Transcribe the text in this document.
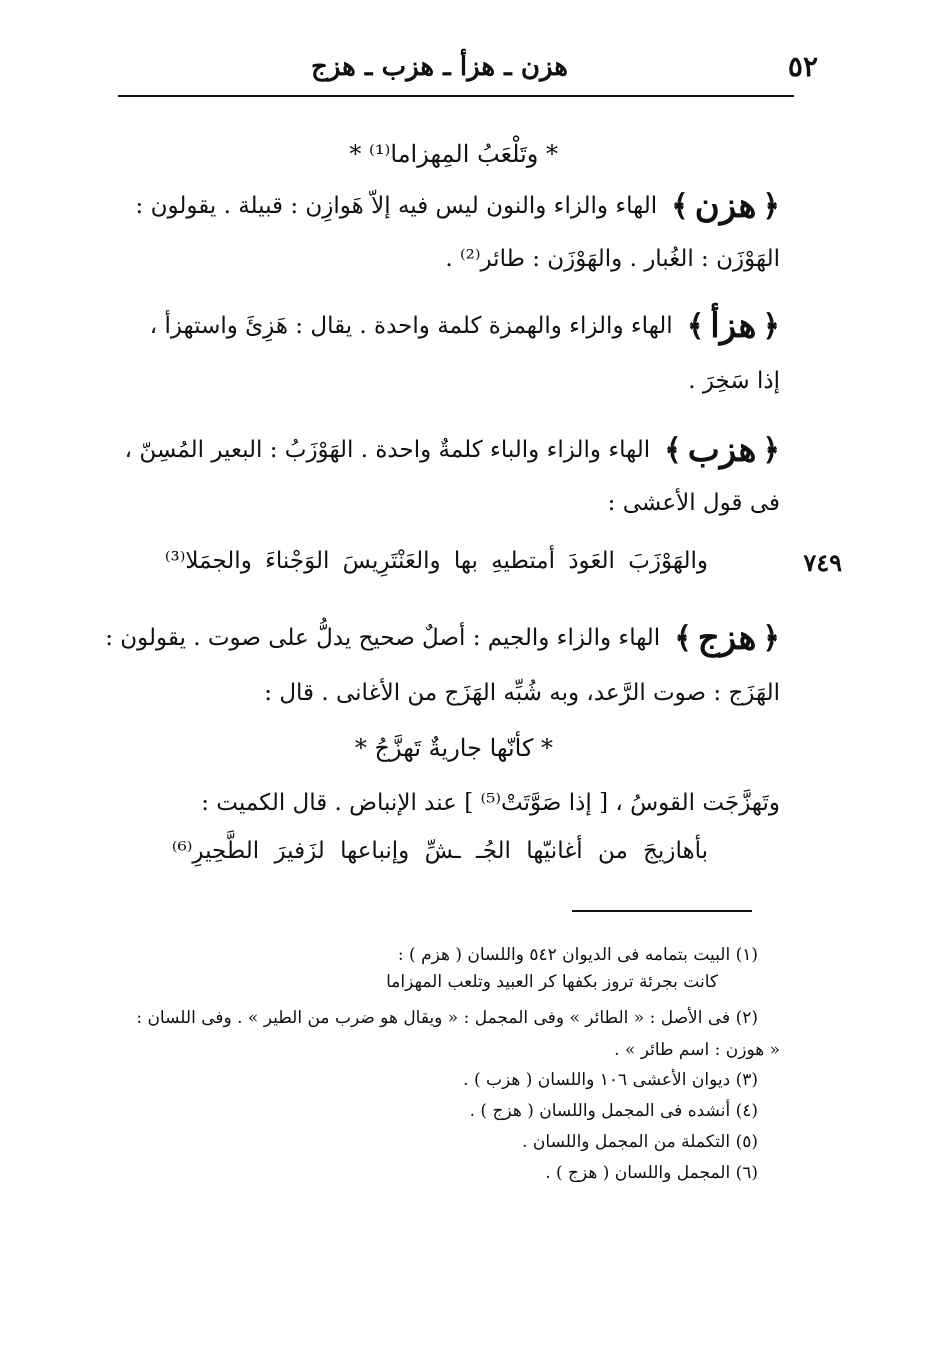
هزن ـ هزأ ـ هزب ـ هزج	٥٢
* وتَلْعَبُ المِهزاما⁽¹⁾ *
﴿
هزن
﴾
الهاء والزاء والنون ليس فيه إلاّ هَوازِن : قبيلة . يقولون :
الهَوْزَن : الغُبار . والهَوْزَن : طائر⁽²⁾ .
﴿
هزأ
﴾
الهاء والزاء والهمزة كلمة واحدة . يقال : هَزِئَ واستهزأ ،
إذا سَخِرَ .
﴿
هزب
﴾
الهاء والزاء والباء كلمةٌ واحدة . الهَوْزَبُ : البعير المُسِنّ ،
فى قول الأعشى :
٧٤٩
والهَوْزَبَ العَودَ أمتطيهِ بها والعَنْتَرِيسَ الوَجْناءَ والجمَلا⁽³⁾
﴿
هزج
﴾
الهاء والزاء والجيم : أصلٌ صحيح يدلُّ على صوت . يقولون :
الهَزَج : صوت الرَّعد، وبه شُبِّه الهَزَج من الأغانى . قال :
* كأنّها جاريةٌ تَهزَّجُ *
وتَهزَّجَت القوسُ ، [ إذا صَوَّتَتْ⁽⁵⁾ ] عند الإنباض . قال الكميت :
بأهازيجَ من أغانيّها الجُـ ـشِّ وإنباعها لزَفيرَ الطَّحِيرِ⁽⁶⁾
(١) البيت بتمامه فى الديوان ٥٤٢ واللسان ( هزم ) :
كانت بجرئة تروز بكفها كر العبيد وتلعب المهزاما
(٢) فى الأصل : « الطائر » وفى المجمل : « ويقال هو ضرب من الطير » . وفى اللسان :
« هوزن : اسم طائر » .
(٣) ديوان الأعشى ١٠٦ واللسان ( هزب ) .
(٤) أنشده فى المجمل واللسان ( هزج ) .
(٥) التكملة من المجمل واللسان .
(٦) المجمل واللسان ( هزج ) .
